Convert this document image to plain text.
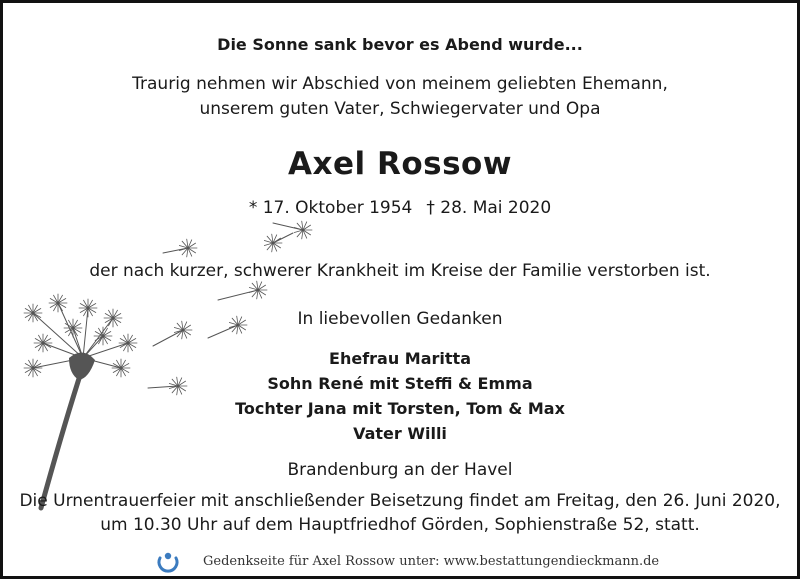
Die Sonne sank bevor es Abend wurde...
Traurig nehmen wir Abschied von meinem geliebten Ehemann,
unserem guten Vater, Schwiegervater und Opa
Axel Rossow
* 17. Oktober 1954 † 28. Mai 2020
der nach kurzer, schwerer Krankheit im Kreise der Familie verstorben ist.
In liebevollen Gedanken
Ehefrau Maritta
Sohn René mit Steffi & Emma
Tochter Jana mit Torsten, Tom & Max
Vater Willi
Brandenburg an der Havel
Die Urnentrauerfeier mit anschließender Beisetzung findet am Freitag, den 26. Juni 2020,
um 10.30 Uhr auf dem Hauptfriedhof Görden, Sophienstraße 52, statt.
Gedenkseite für Axel Rossow unter: www.bestattungendieckmann.de
